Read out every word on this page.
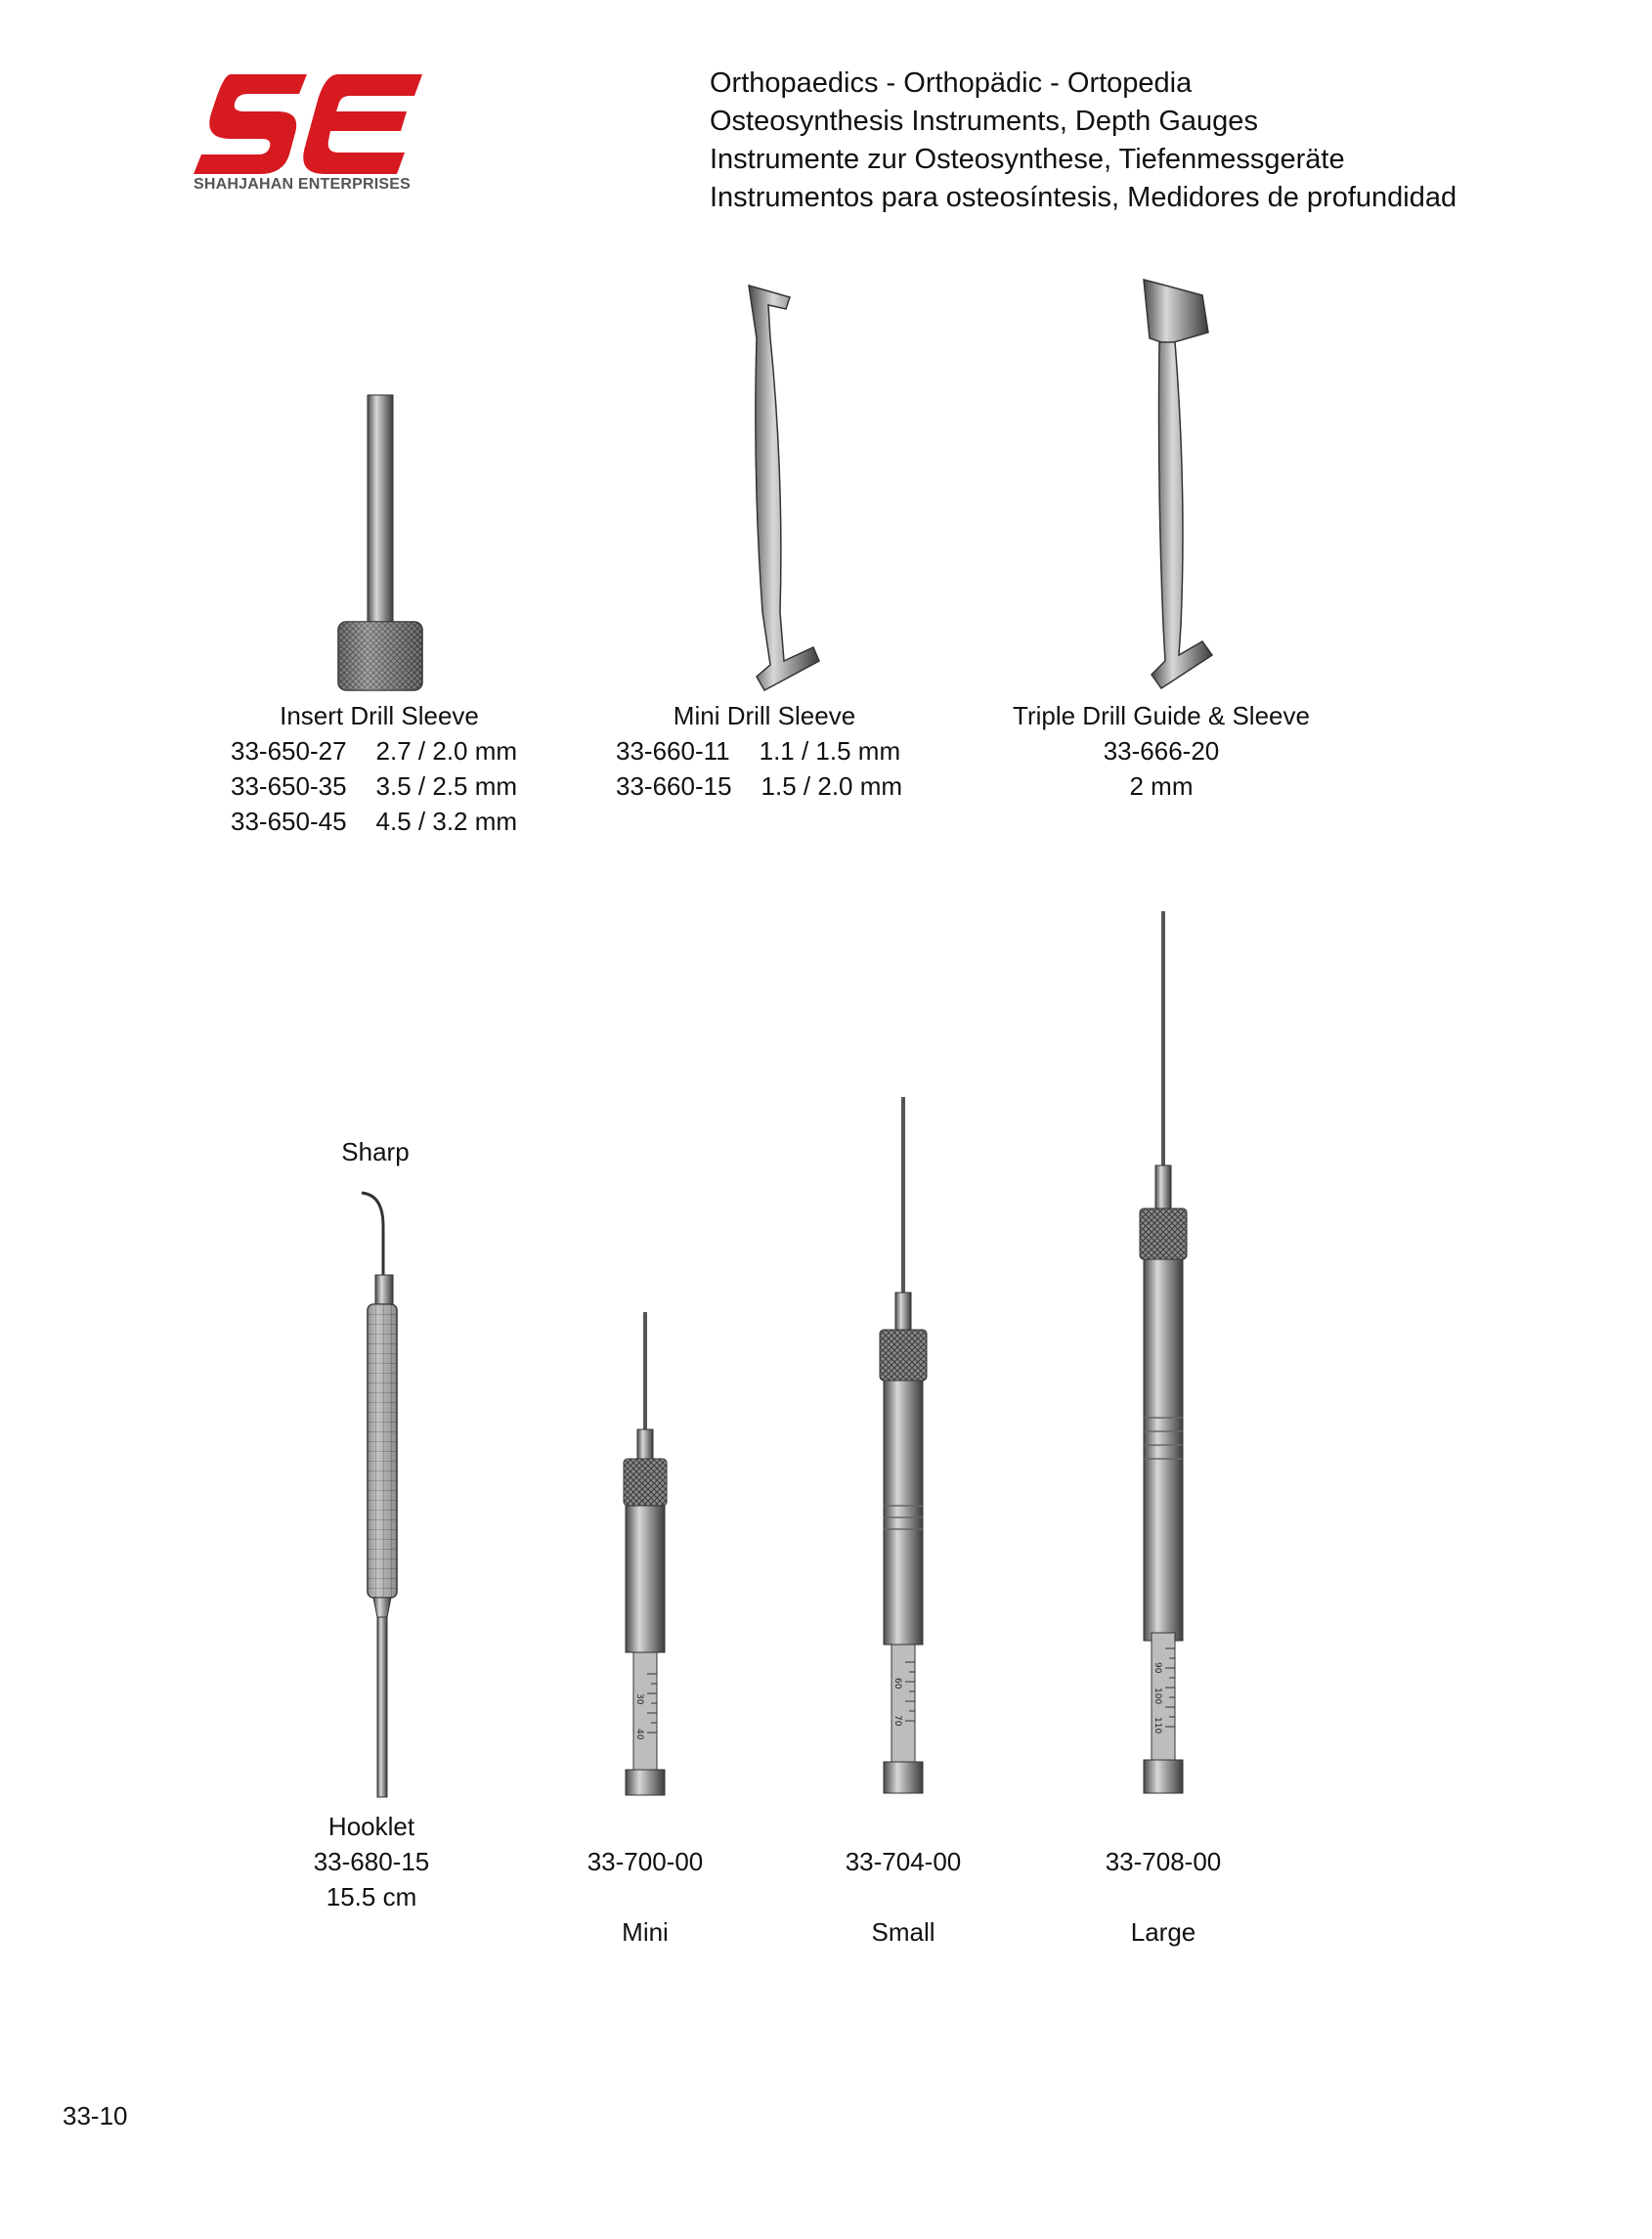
SHAHJAHAN ENTERPRISES
Orthopaedics - Orthopädic - Ortopedia
Osteosynthesis Instruments, Depth Gauges
Instrumente zur Osteosynthese, Tiefenmessgeräte
Instrumentos para osteosíntesis, Medidores de profundidad
Insert Drill Sleeve
33-650-27 2.7 / 2.0 mm
33-650-35 3.5 / 2.5 mm
33-650-45 4.5 / 3.2 mm
Mini Drill Sleeve
33-660-11 1.1 / 1.5 mm
33-660-15 1.5 / 2.0 mm
Triple Drill Guide & Sleeve
33-666-20
2 mm
Sharp
Hooklet
33-680-15
15.5 cm
30
40
60
70
90
100
110
33-700-00
Mini
33-704-00
Small
33-708-00
Large
33-10
